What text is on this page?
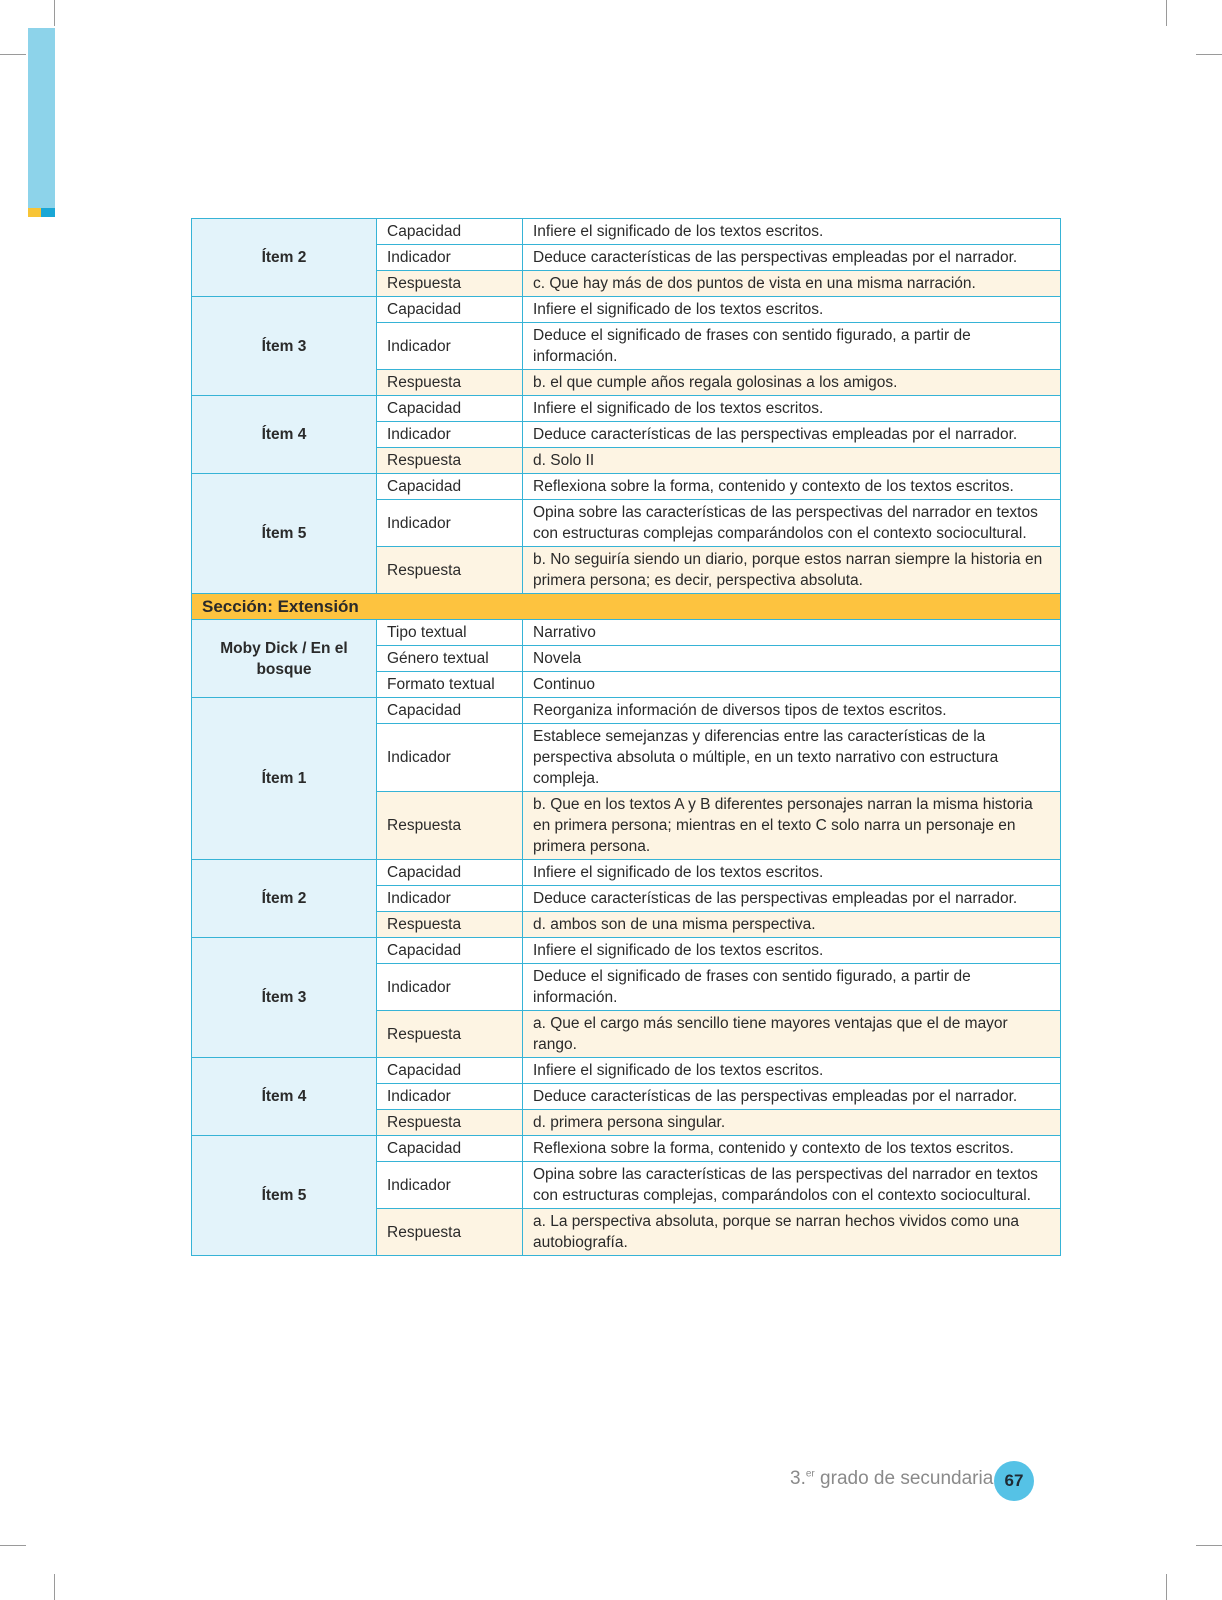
Ítem 2	Capacidad	Infiere el significado de los textos escritos.
	Indicador	Deduce características de las perspectivas empleadas por el narrador.
	Respuesta	c. Que hay más de dos puntos de vista en una misma narración.
Ítem 3	Capacidad	Infiere el significado de los textos escritos.
	Indicador	Deduce el significado de frases con sentido figurado, a partir de información.
	Respuesta	b. el que cumple años regala golosinas a los amigos.
Ítem 4	Capacidad	Infiere el significado de los textos escritos.
	Indicador	Deduce características de las perspectivas empleadas por el narrador.
	Respuesta	d. Solo II
Ítem 5	Capacidad	Reflexiona sobre la forma, contenido y contexto de los textos escritos.
	Indicador	Opina sobre las características de las perspectivas del narrador en textos con estructuras complejas comparándolos con el contexto sociocultural.
	Respuesta	b. No seguiría siendo un diario, porque estos narran siempre la historia en primera persona; es decir, perspectiva absoluta.
Sección: Extensión		
Moby Dick / En el bosque	Tipo textual	Narrativo
	Género textual	Novela
	Formato textual	Continuo
Ítem 1	Capacidad	Reorganiza información de diversos tipos de textos escritos.
	Indicador	Establece semejanzas y diferencias entre las características de la perspectiva absoluta o múltiple, en un texto narrativo con estructura compleja.
	Respuesta	b. Que en los textos A y B diferentes personajes narran la misma historia en primera persona; mientras en el texto C solo narra un personaje en primera persona.
Ítem 2	Capacidad	Infiere el significado de los textos escritos.
	Indicador	Deduce características de las perspectivas empleadas por el narrador.
	Respuesta	d. ambos son de una misma perspectiva.
Ítem 3	Capacidad	Infiere el significado de los textos escritos.
	Indicador	Deduce el significado de frases con sentido figurado, a partir de información.
	Respuesta	a. Que el cargo más sencillo tiene mayores ventajas que el de mayor rango.
Ítem 4	Capacidad	Infiere el significado de los textos escritos.
	Indicador	Deduce características de las perspectivas empleadas por el narrador.
	Respuesta	d. primera persona singular.
Ítem 5	Capacidad	Reflexiona sobre la forma, contenido y contexto de los textos escritos.
	Indicador	Opina sobre las características de las perspectivas del narrador en textos con estructuras complejas, comparándolos con el contexto sociocultural.
	Respuesta	a. La perspectiva absoluta, porque se narran hechos vividos como una autobiografía.
3.$^{er}$ grado de secundaria 67
